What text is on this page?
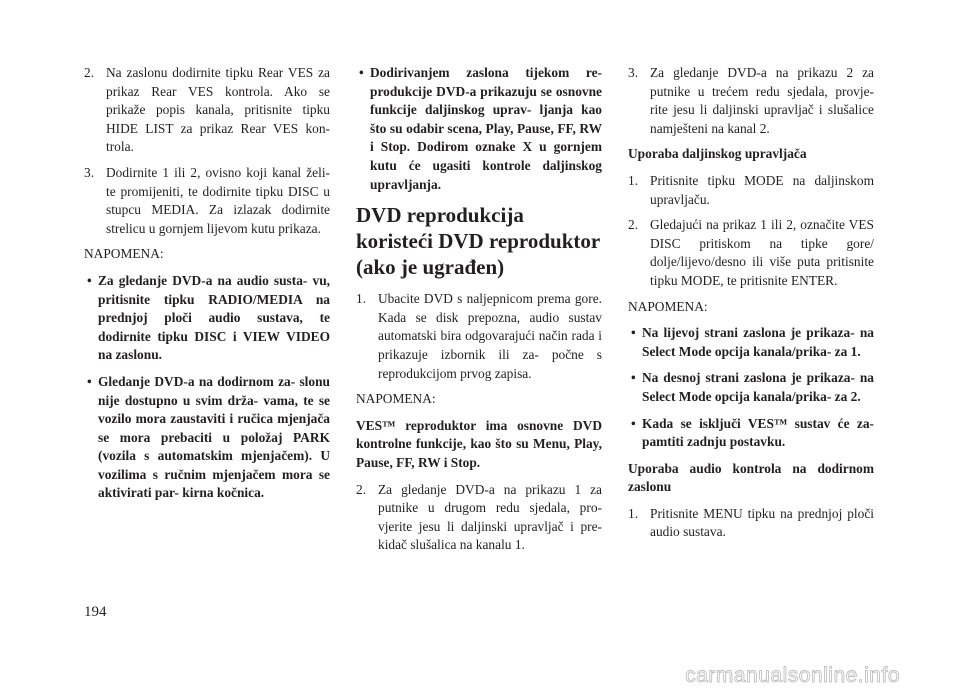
2. Na zaslonu dodirnite tipku Rear VES za prikaz Rear VES kontrola. Ako se prikaže popis kanala, pritisnite tipku HIDE LIST za prikaz Rear VES kon- trola.
3. Dodirnite 1 ili 2, ovisno koji kanal želi- te promijeniti, te dodirnite tipku DISC u stupcu MEDIA. Za izlazak dodirnite strelicu u gornjem lijevom kutu prikaza.
NAPOMENA:
• Za gledanje DVD-a na audio susta- vu, pritisnite tipku RADIO/MEDIA na prednjoj ploči audio sustava, te dodirnite tipku DISC i VIEW VIDEO na zaslonu.
• Gledanje DVD-a na dodirnom za- slonu nije dostupno u svim drža- vama, te se vozilo mora zaustaviti i ručica mjenjača se mora prebaciti u položaj PARK (vozila s automatskim mjenjačem). U vozilima s ručnim mjenjačem mora se aktivirati par- kirna kočnica.
• Dodirivanjem zaslona tijekom re- produkcije DVD-a prikazuju se osnovne funkcije daljinskog uprav- ljanja kao što su odabir scena, Play, Pause, FF, RW i Stop. Dodirom oznake X u gornjem kutu će ugasiti kontrole daljinskog upravljanja.
DVD reprodukcija koristeći DVD reproduktor (ako je ugrađen)
1. Ubacite DVD s naljepnicom prema gore. Kada se disk prepozna, audio sustav automatski bira odgovarajući način rada i prikazuje izbornik ili za- počne s reprodukcijom prvog zapisa.
NAPOMENA:
VES™ reproduktor ima osnovne DVD kontrolne funkcije, kao što su Menu, Play, Pause, FF, RW i Stop.
2. Za gledanje DVD-a na prikazu 1 za putnike u drugom redu sjedala, pro- vjerite jesu li daljinski upravljač i pre- kidač slušalica na kanalu 1.
3. Za gledanje DVD-a na prikazu 2 za putnike u trećem redu sjedala, provje- rite jesu li daljinski upravljač i slušalice namješteni na kanal 2.
Uporaba daljinskog upravljača
1. Pritisnite tipku MODE na daljinskom upravljaču.
2. Gledajući na prikaz 1 ili 2, označite VES DISC pritiskom na tipke gore/ dolje/lijevo/desno ili više puta pritisnite tipku MODE, te pritisnite ENTER.
NAPOMENA:
• Na lijevoj strani zaslona je prikaza- na Select Mode opcija kanala/prika- za 1.
• Na desnoj strani zaslona je prikaza- na Select Mode opcija kanala/prika- za 2.
• Kada se isključi VES™ sustav će za- pamtiti zadnju postavku.
Uporaba audio kontrola na dodirnom zaslonu
1. Pritisnite MENU tipku na prednjoj ploči audio sustava.
194
carmanualsonline.info
